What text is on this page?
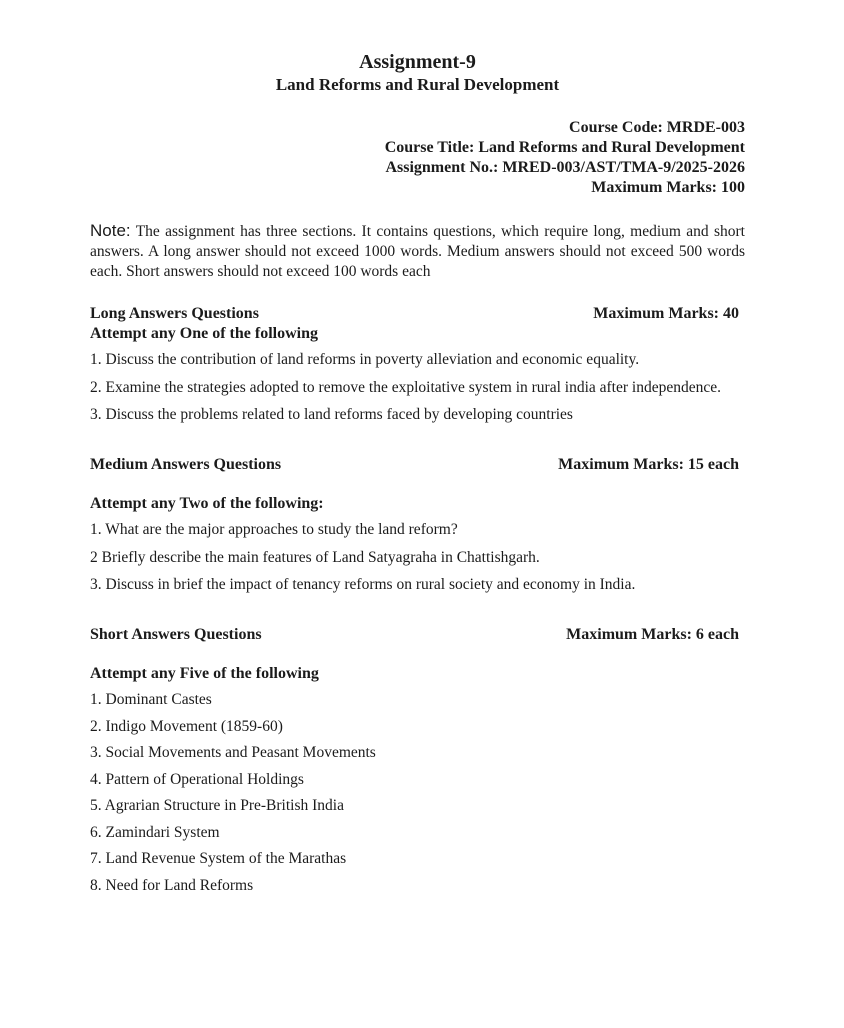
Assignment-9
Land Reforms and Rural Development
Course Code: MRDE-003
Course Title: Land Reforms and Rural Development
Assignment No.: MRED-003/AST/TMA-9/2025-2026
Maximum Marks: 100

Note: The assignment has three sections. It contains questions, which require long, medium and short answers. A long answer should not exceed 1000 words. Medium answers should not exceed 500 words each. Short answers should not exceed 100 words each

Long Answers Questions	Maximum Marks: 40
Attempt any One of the following
1. Discuss the contribution of land reforms in poverty alleviation and economic equality.
2. Examine the strategies adopted to remove the exploitative system in rural india after independence.
3. Discuss the problems related to land reforms faced by developing countries
Medium Answers Questions	Maximum Marks: 15 each
Attempt any Two of the following:
1. What are the major approaches to study the land reform?
2 Briefly describe the main features of Land Satyagraha in Chattishgarh.
3. Discuss in brief the impact of tenancy reforms on rural society and economy in India.
Short Answers Questions	Maximum Marks: 6 each
Attempt any Five of the following
1. Dominant Castes
2. Indigo Movement (1859-60)
3. Social Movements and Peasant Movements
4. Pattern of Operational Holdings
5. Agrarian Structure in Pre-British India
6. Zamindari System
7. Land Revenue System of the Marathas
8. Need for Land Reforms
